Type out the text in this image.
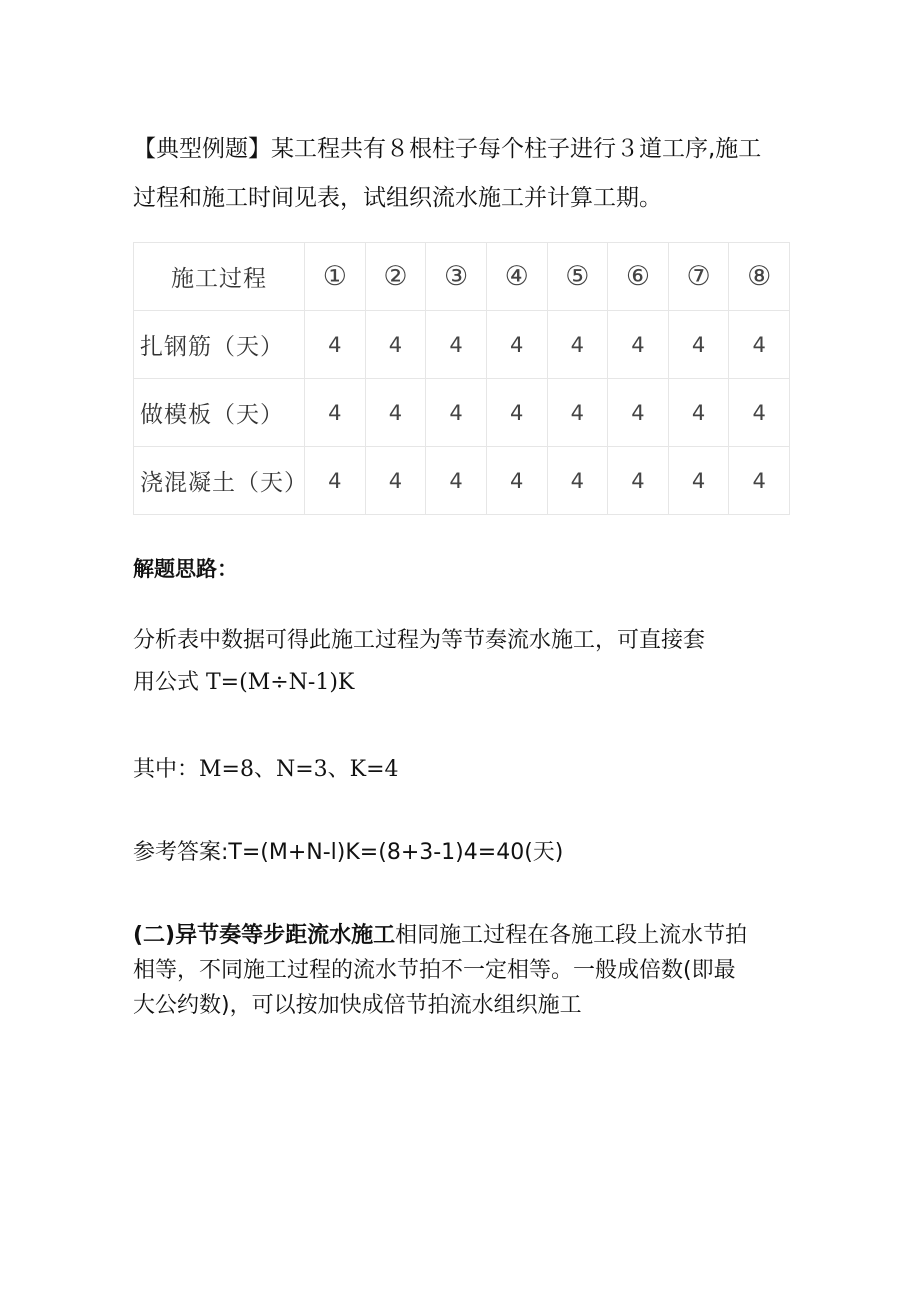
【典型例题】某工程共有８根柱子每个柱子进行３道工序,施工
过程和施工时间见表，试组织流水施工并计算工期。
施工过程	①	②	③	④	⑤	⑥	⑦	⑧
扎钢筋（天）	4	4	4	4	4	4	4	4
做模板（天）	4	4	4	4	4	4	4	4
浇混凝土（天）	4	4	4	4	4	4	4	4
解题思路：
分析表中数据可得此施工过程为等节奏流水施工，可直接套
用公式 T=(M÷N-1)K
其中：M=8、N=3、K=4
参考答案:T=(M+N-l)K=(8+3-1)4=40(天)
(二)异节奏等步距流水施工相同施工过程在各施工段上流水节拍
相等，不同施工过程的流水节拍不一定相等。一般成倍数(即最
大公约数)，可以按加快成倍节拍流水组织施工
